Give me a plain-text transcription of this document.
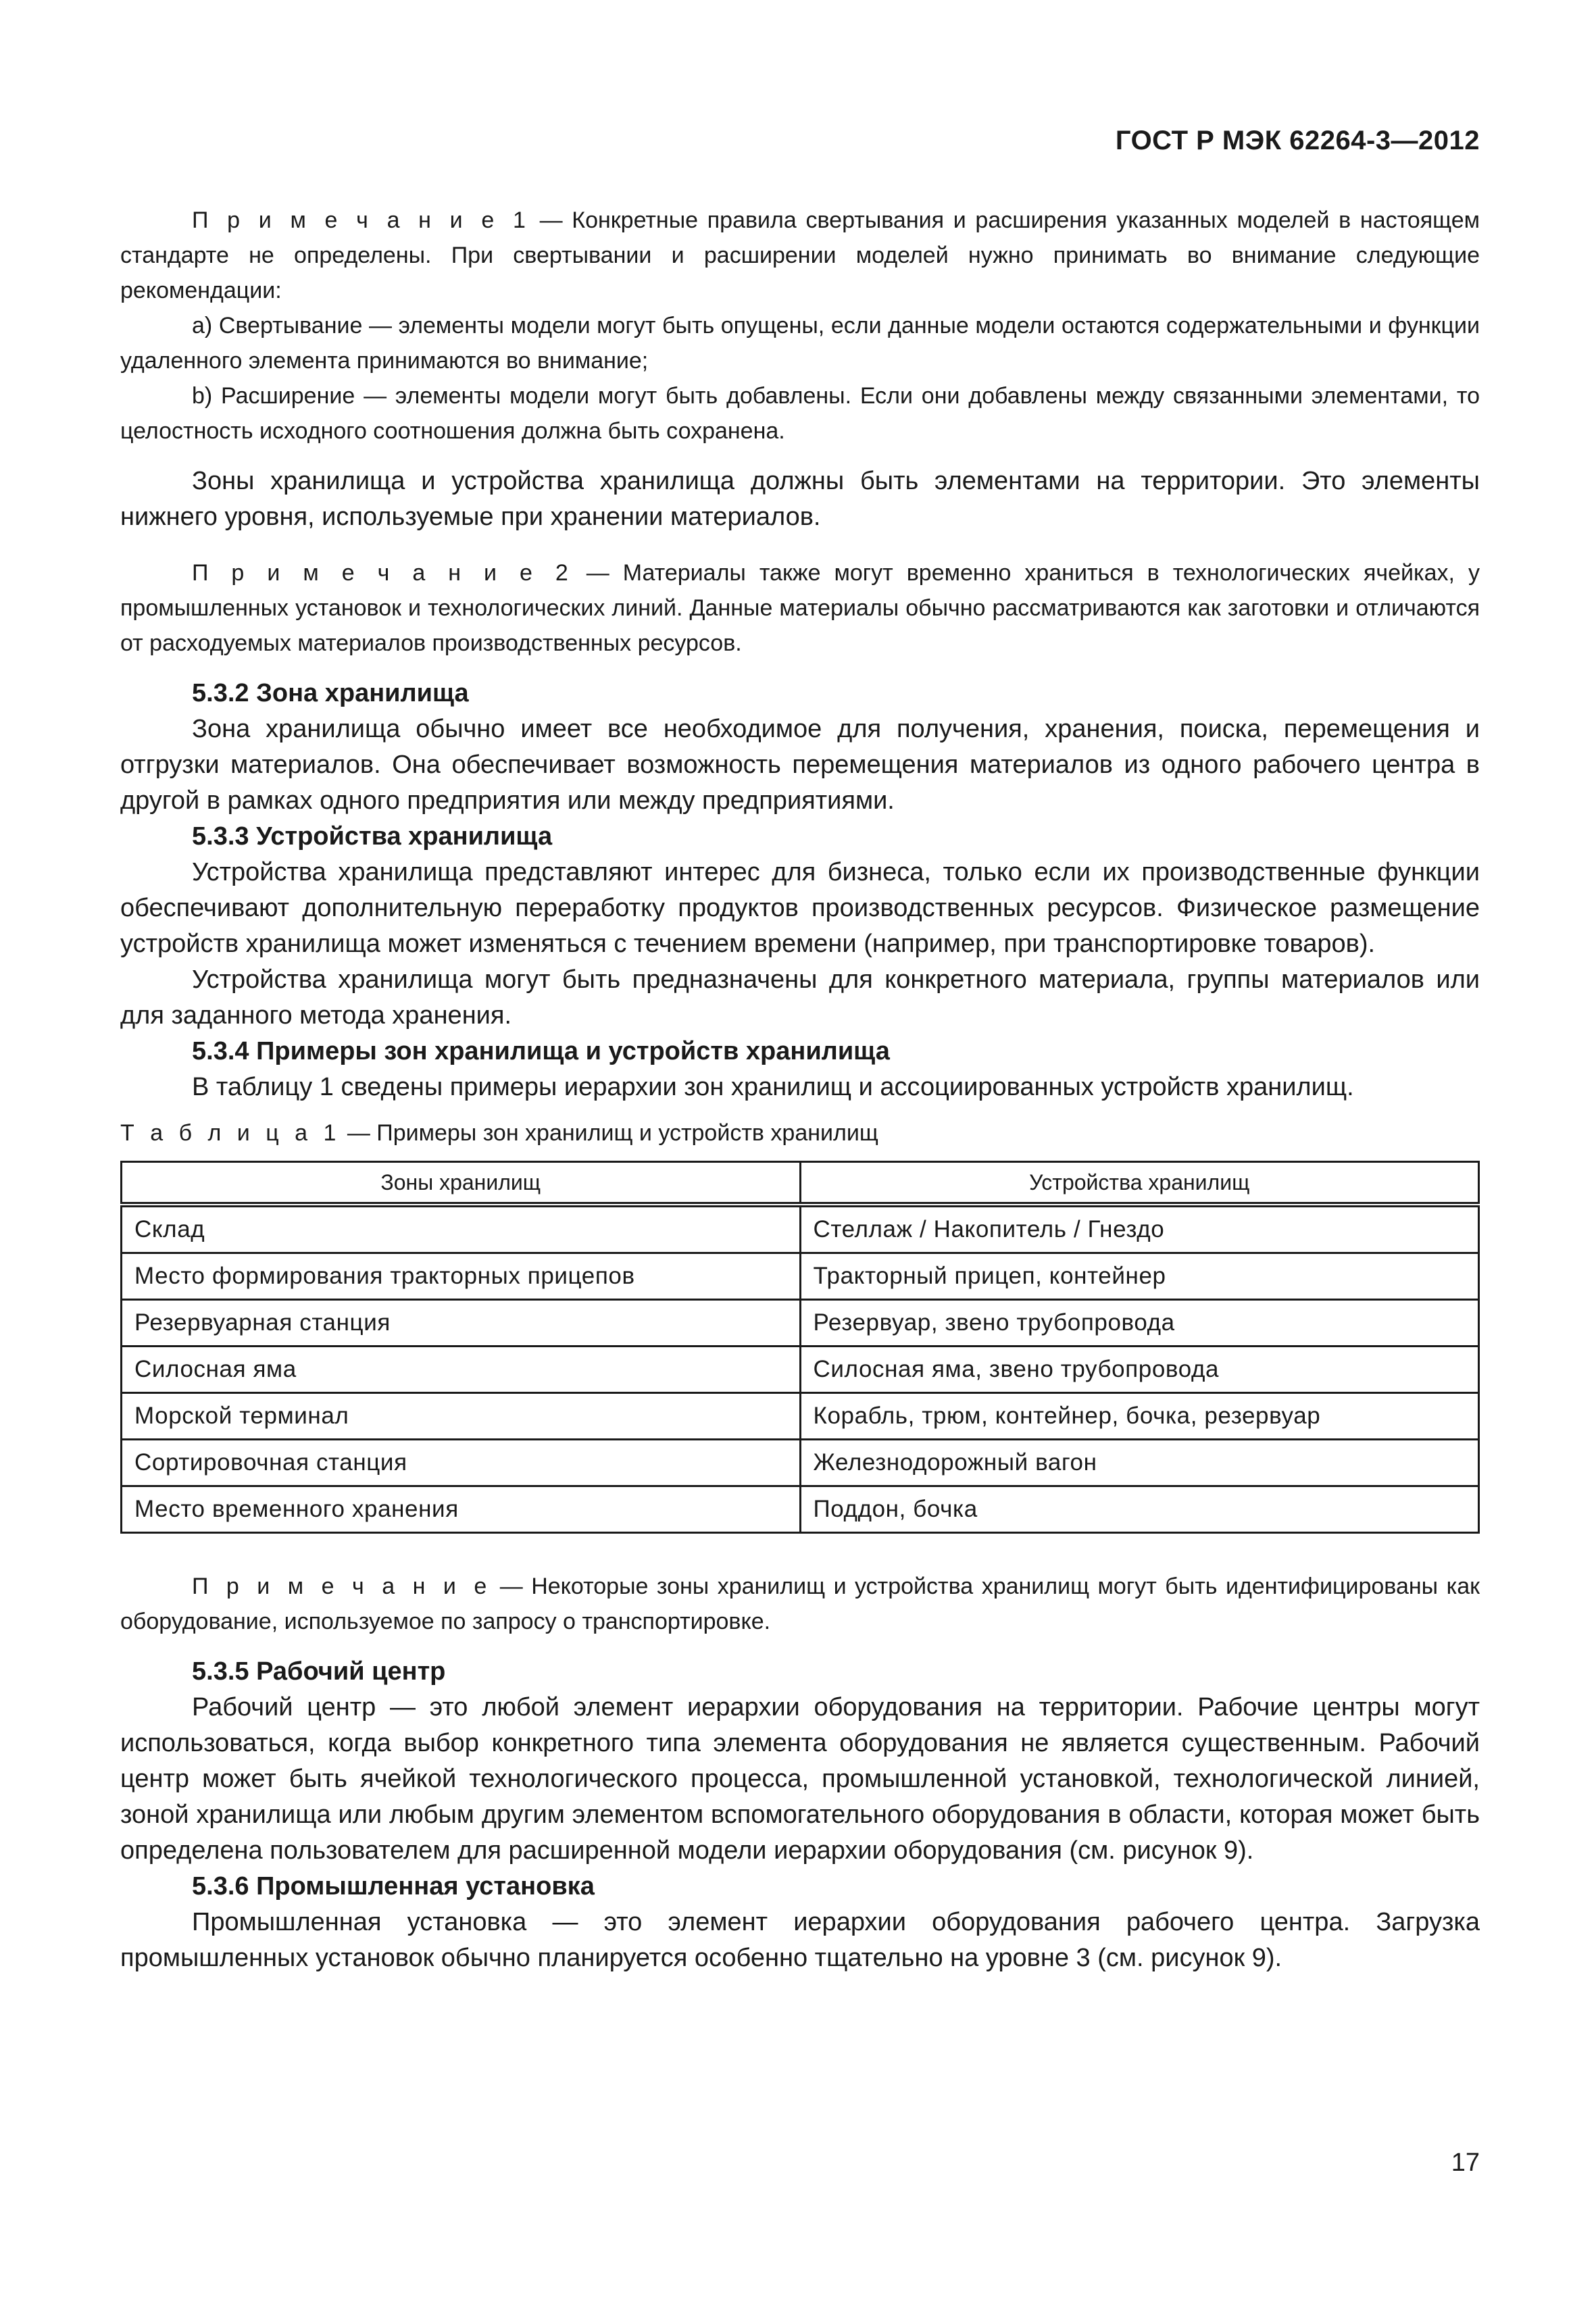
ГОСТ Р МЭК 62264-3—2012

П р и м е ч а н и е 1 — Конкретные правила свертывания и расширения указанных моделей в настоящем стандарте не определены. При свертывании и расширении моделей нужно принимать во внимание следующие рекомендации:

a) Свертывание — элементы модели могут быть опущены, если данные модели остаются содержательными и функции удаленного элемента принимаются во внимание;

b) Расширение — элементы модели могут быть добавлены. Если они добавлены между связанными элементами, то целостность исходного соотношения должна быть сохранена.

Зоны хранилища и устройства хранилища должны быть элементами на территории. Это элементы нижнего уровня, используемые при хранении материалов.

П р и м е ч а н и е 2 — Материалы также могут временно храниться в технологических ячейках, у промышленных установок и технологических линий. Данные материалы обычно рассматриваются как заготовки и отличаются от расходуемых материалов производственных ресурсов.

5.3.2 Зона хранилища

Зона хранилища обычно имеет все необходимое для получения, хранения, поиска, перемещения и отгрузки материалов. Она обеспечивает возможность перемещения материалов из одного рабочего центра в другой в рамках одного предприятия или между предприятиями.

5.3.3 Устройства хранилища

Устройства хранилища представляют интерес для бизнеса, только если их производственные функции обеспечивают дополнительную переработку продуктов производственных ресурсов. Физическое размещение устройств хранилища может изменяться с течением времени (например, при транспортировке товаров).

Устройства хранилища могут быть предназначены для конкретного материала, группы материалов или для заданного метода хранения.

5.3.4 Примеры зон хранилища и устройств хранилища

В таблицу 1 сведены примеры иерархии зон хранилищ и ассоциированных устройств хранилищ.

Т а б л и ц а 1 — Примеры зон хранилищ и устройств хранилищ

Зоны хранилищ	Устройства хранилищ
Склад	Стеллаж / Накопитель / Гнездо
Место формирования тракторных прицепов	Тракторный прицеп, контейнер
Резервуарная станция	Резервуар, звено трубопровода
Силосная яма	Силосная яма, звено трубопровода
Морской терминал	Корабль, трюм, контейнер, бочка, резервуар
Сортировочная станция	Железнодорожный вагон
Место временного хранения	Поддон, бочка

П р и м е ч а н и е — Некоторые зоны хранилищ и устройства хранилищ могут быть идентифицированы как оборудование, используемое по запросу о транспортировке.

5.3.5 Рабочий центр

Рабочий центр — это любой элемент иерархии оборудования на территории. Рабочие центры могут использоваться, когда выбор конкретного типа элемента оборудования не является существенным. Рабочий центр может быть ячейкой технологического процесса, промышленной установкой, технологической линией, зоной хранилища или любым другим элементом вспомогательного оборудования в области, которая может быть определена пользователем для расширенной модели иерархии оборудования (см. рисунок 9).

5.3.6 Промышленная установка

Промышленная установка — это элемент иерархии оборудования рабочего центра. Загрузка промышленных установок обычно планируется особенно тщательно на уровне 3 (см. рисунок 9).

17
